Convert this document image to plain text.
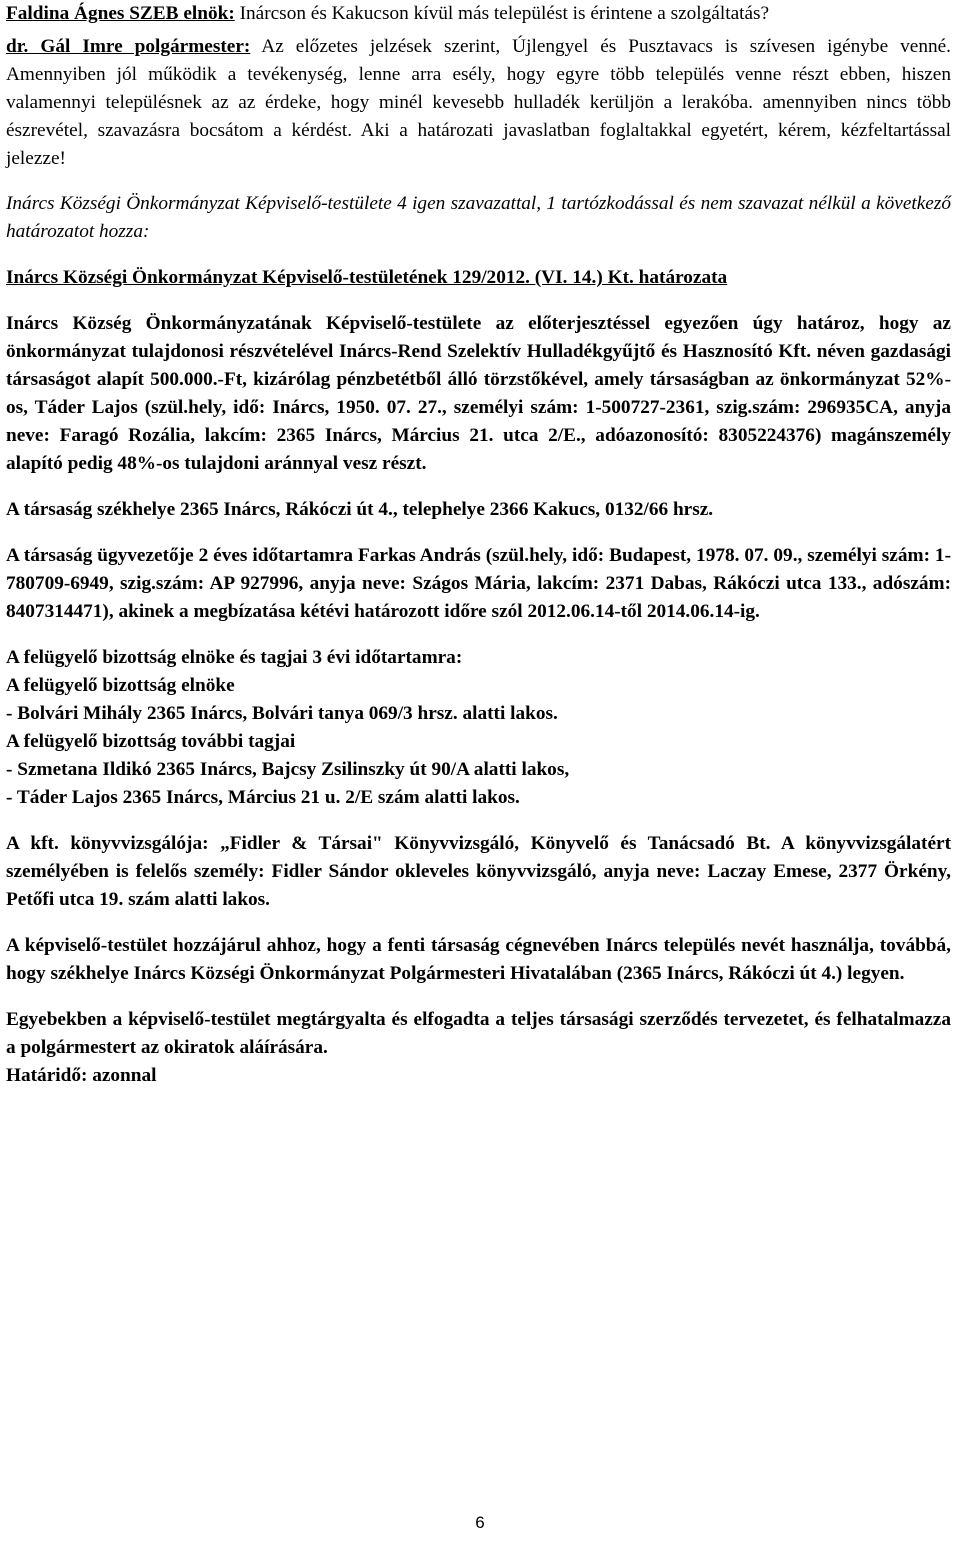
Faldina Ágnes SZEB elnök: Inárcson és Kakucson kívül más települést is érintene a szolgáltatás?

dr. Gál Imre polgármester: Az előzetes jelzések szerint, Újlengyel és Pusztavacs is szívesen igénybe venné. Amennyiben jól működik a tevékenység, lenne arra esély, hogy egyre több település venne részt ebben, hiszen valamennyi településnek az az érdeke, hogy minél kevesebb hulladék kerüljön a lerakóba. amennyiben nincs több észrevétel, szavazásra bocsátom a kérdést. Aki a határozati javaslatban foglaltakkal egyetért, kérem, kézfeltartással jelezze!

Inárcs Községi Önkormányzat Képviselő-testülete 4 igen szavazattal, 1 tartózkodással és nem szavazat nélkül a következő határozatot hozza:

Inárcs Községi Önkormányzat Képviselő-testületének 129/2012. (VI. 14.) Kt. határozata

Inárcs Község Önkormányzatának Képviselő-testülete az előterjesztéssel egyezően úgy határoz, hogy az önkormányzat tulajdonosi részvételével Inárcs-Rend Szelektív Hulladékgyűjtő és Hasznosító Kft. néven gazdasági társaságot alapít 500.000.-Ft, kizárólag pénzbetétből álló törzstőkével, amely társaságban az önkormányzat 52%-os, Táder Lajos (szül.hely, idő: Inárcs, 1950. 07. 27., személyi szám: 1-500727-2361, szig.szám: 296935CA, anyja neve: Faragó Rozália, lakcím: 2365 Inárcs, Március 21. utca 2/E., adóazonosító: 8305224376) magánszemély alapító pedig 48%-os tulajdoni aránnyal vesz részt.

A társaság székhelye 2365 Inárcs, Rákóczi út 4., telephelye 2366 Kakucs, 0132/66 hrsz.

A társaság ügyvezetője 2 éves időtartamra Farkas András (szül.hely, idő: Budapest, 1978. 07. 09., személyi szám: 1-780709-6949, szig.szám: AP 927996, anyja neve: Szágos Mária, lakcím: 2371 Dabas, Rákóczi utca 133., adószám: 8407314471), akinek a megbízatása kétévi határozott időre szól 2012.06.14-től 2014.06.14-ig.

A felügyelő bizottság elnöke és tagjai 3 évi időtartamra:

A felügyelő bizottság elnöke

- Bolvári Mihály 2365 Inárcs, Bolvári tanya 069/3 hrsz. alatti lakos.

A felügyelő bizottság további tagjai

- Szmetana Ildikó 2365 Inárcs, Bajcsy Zsilinszky út 90/A alatti lakos,

- Táder Lajos 2365 Inárcs, Március 21 u. 2/E szám alatti lakos.

A kft. könyvvizsgálója: „Fidler & Társai" Könyvvizsgáló, Könyvelő és Tanácsadó Bt. A könyvvizsgálatért személyében is felelős személy: Fidler Sándor okleveles könyvvizsgáló, anyja neve: Laczay Emese, 2377 Örkény, Petőfi utca 19. szám alatti lakos.

A képviselő-testület hozzájárul ahhoz, hogy a fenti társaság cégnevében Inárcs település nevét használja, továbbá, hogy székhelye Inárcs Községi Önkormányzat Polgármesteri Hivatalában (2365 Inárcs, Rákóczi út 4.) legyen.

Egyebekben a képviselő-testület megtárgyalta és elfogadta a teljes társasági szerződés tervezetet, és felhatalmazza a polgármestert az okiratok aláírására.

Határidő: azonnal

6
